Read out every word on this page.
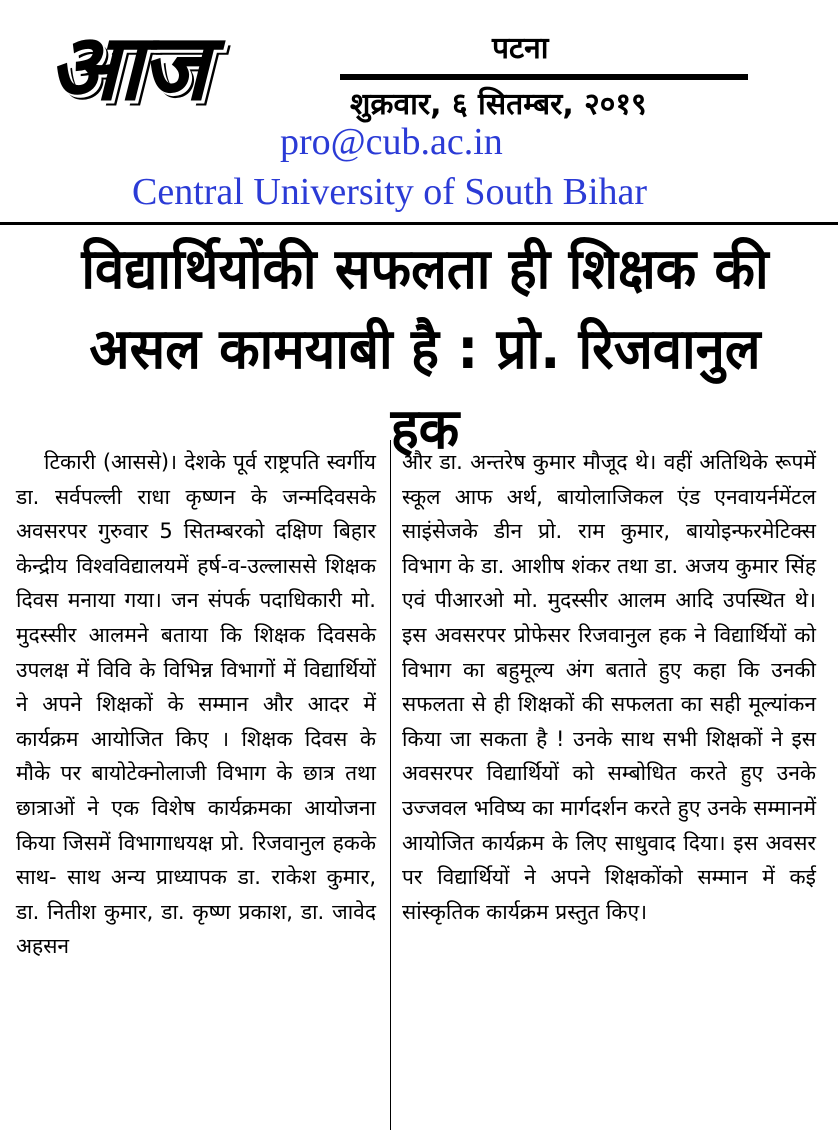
आज	पटना
शुक्रवार, ६ सितम्बर, २०१९
pro@cub.ac.in
Central University of South Bihar
विद्यार्थियोंकी सफलता ही शिक्षक की
असल कामयाबी है : प्रो. रिजवानुल हक

टिकारी (आससे)। देशके पूर्व राष्ट्रपति स्वर्गीय डा. सर्वपल्ली राधा कृष्णन के जन्मदिवसके अवसरपर गुरुवार 5 सितम्बरको दक्षिण बिहार केन्द्रीय विश्वविद्यालयमें हर्ष-व-उल्लाससे शिक्षक दिवस मनाया गया। जन संपर्क पदाधिकारी मो. मुदस्सीर आलमने बताया कि शिक्षक दिवसके उपलक्ष में विवि के विभिन्न विभागों में विद्यार्थियों ने अपने शिक्षकों के सम्मान और आदर में कार्यक्रम आयोजित किए । शिक्षक दिवस के मौके पर बायोटेक्नोलाजी विभाग के छात्र तथा छात्राओं ने एक विशेष कार्यक्रमका आयोजना किया जिसमें विभागाधयक्ष प्रो. रिजवानुल हकके साथ- साथ अन्य प्राध्यापक डा. राकेश कुमार, डा. नितीश कुमार, डा. कृष्ण प्रकाश, डा. जावेद अहसन

और डा. अन्तरेष कुमार मौजूद थे। वहीं अतिथिके रूपमें स्कूल आफ अर्थ, बायोलाजिकल एंड एनवायर्नमेंटल साइंसेजके डीन प्रो. राम कुमार, बायोइन्फरमेटिक्स विभाग के डा. आशीष शंकर तथा डा. अजय कुमार सिंह एवं पीआरओ मो. मुदस्सीर आलम आदि उपस्थित थे। इस अवसरपर प्रोफेसर रिजवानुल हक ने विद्यार्थियों को विभाग का बहुमूल्य अंग बताते हुए कहा कि उनकी सफलता से ही शिक्षकों की सफलता का सही मूल्यांकन किया जा सकता है ! उनके साथ सभी शिक्षकों ने इस अवसरपर विद्यार्थियों को सम्बोधित करते हुए उनके उज्जवल भविष्य का मार्गदर्शन करते हुए उनके सम्मानमें आयोजित कार्यक्रम के लिए साधुवाद दिया। इस अवसर पर विद्यार्थियों ने अपने शिक्षकोंको सम्मान में कई सांस्कृतिक कार्यक्रम प्रस्तुत किए।
